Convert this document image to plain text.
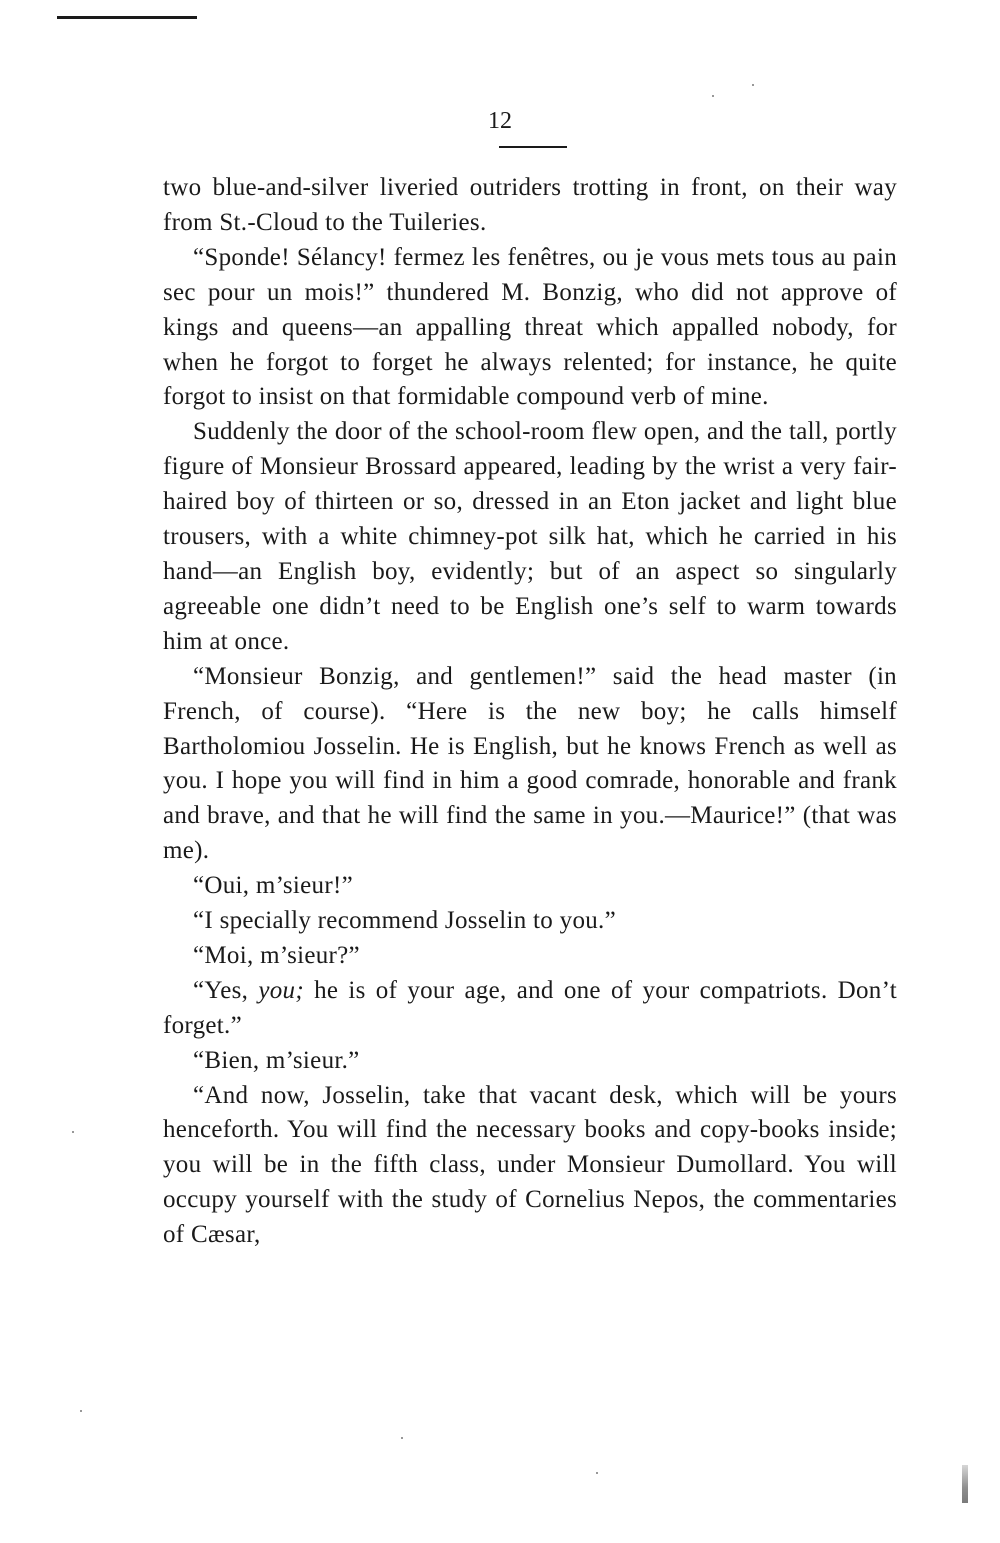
12

two blue-and-silver liveried outriders trotting in front, on their way from St.-Cloud to the Tuileries.

“Sponde! Sélancy! fermez les fenêtres, ou je vous mets tous au pain sec pour un mois!” thundered M. Bonzig, who did not approve of kings and queens—an appalling threat which appalled nobody, for when he forgot to forget he always relented; for instance, he quite forgot to insist on that formidable compound verb of mine.

Suddenly the door of the school-room flew open, and the tall, portly figure of Monsieur Brossard appeared, leading by the wrist a very fair-haired boy of thirteen or so, dressed in an Eton jacket and light blue trousers, with a white chimney-pot silk hat, which he carried in his hand—an English boy, evidently; but of an aspect so singularly agreeable one didn’t need to be English one’s self to warm towards him at once.

“Monsieur Bonzig, and gentlemen!” said the head master (in French, of course). “Here is the new boy; he calls himself Bartholomiou Josselin. He is English, but he knows French as well as you. I hope you will find in him a good comrade, honorable and frank and brave, and that he will find the same in you.—Maurice!” (that was me).

“Oui, m’sieur!”

“I specially recommend Josselin to you.”

“Moi, m’sieur?”

“Yes, you; he is of your age, and one of your compatriots. Don’t forget.”

“Bien, m’sieur.”

“And now, Josselin, take that vacant desk, which will be yours henceforth. You will find the necessary books and copy-books inside; you will be in the fifth class, under Monsieur Dumollard. You will occupy yourself with the study of Cornelius Nepos, the commentaries of Cæsar,
